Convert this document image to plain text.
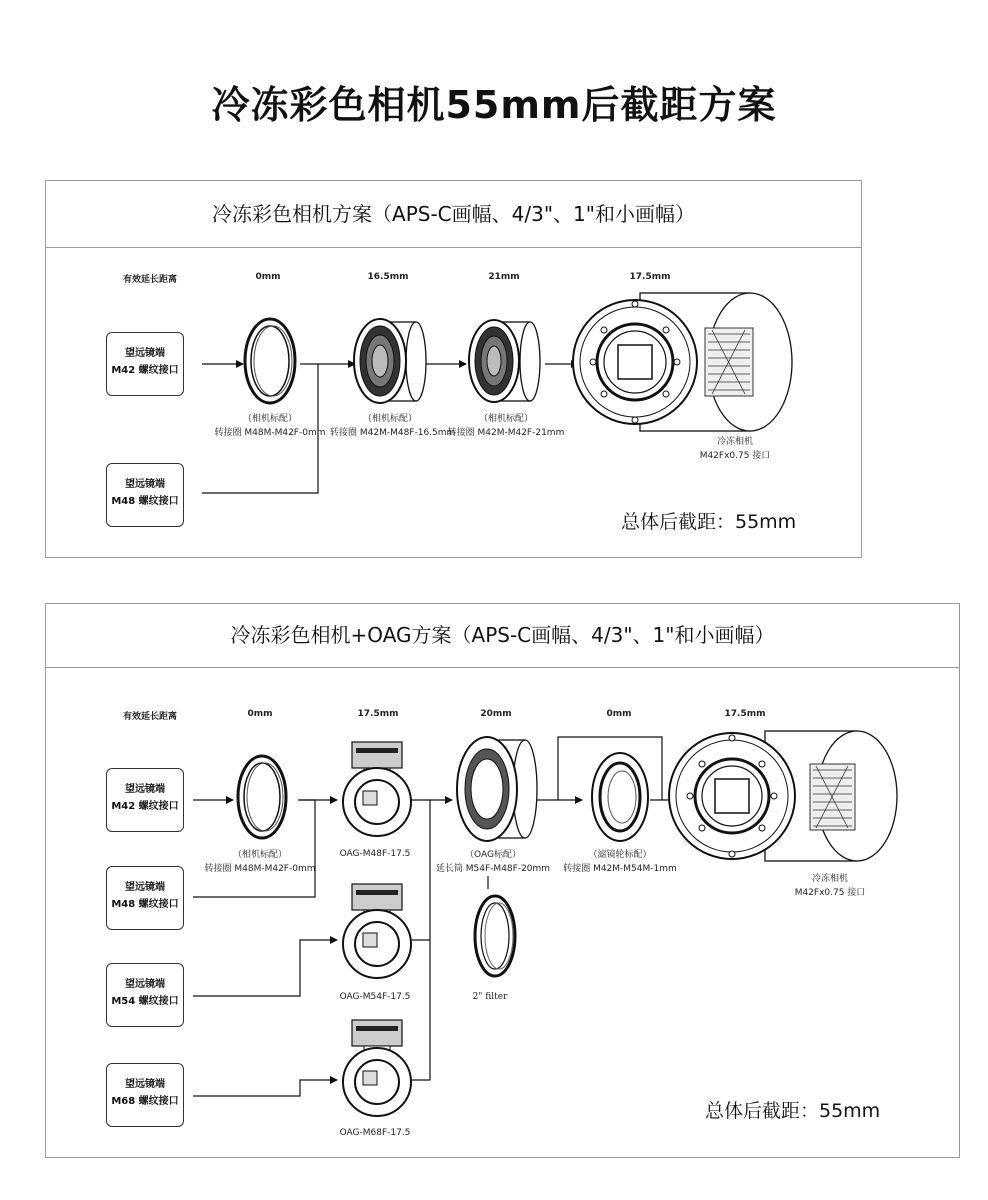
冷冻彩色相机55mm后截距方案
冷冻彩色相机方案（APS-C画幅、4/3"、1"和小画幅）
有效延长距离	0mm	16.5mm	21mm	17.5mm
望远镜端
M42 螺纹接口
望远镜端
M48 螺纹接口
（相机标配）
转接圈 M48M-M42F-0mm
（相机标配）
转接圈 M42M-M48F-16.5mm
（相机标配）
转接圈 M42M-M42F-21mm
冷冻相机
M42Fx0.75 接口
总体后截距：55mm
冷冻彩色相机+OAG方案（APS-C画幅、4/3"、1"和小画幅）
有效延长距离	0mm	17.5mm	20mm	0mm	17.5mm
望远镜端
M42 螺纹接口
望远镜端
M48 螺纹接口
望远镜端
M54 螺纹接口
望远镜端
M68 螺纹接口
（相机标配）
转接圈 M48M-M42F-0mm
OAG-M48F-17.5
OAG-M54F-17.5
OAG-M68F-17.5
（OAG标配）
延长筒 M54F-M48F-20mm
2" filter
（滤镜轮标配）
转接圈 M42M-M54M-1mm
冷冻相机
M42Fx0.75 接口
总体后截距：55mm
